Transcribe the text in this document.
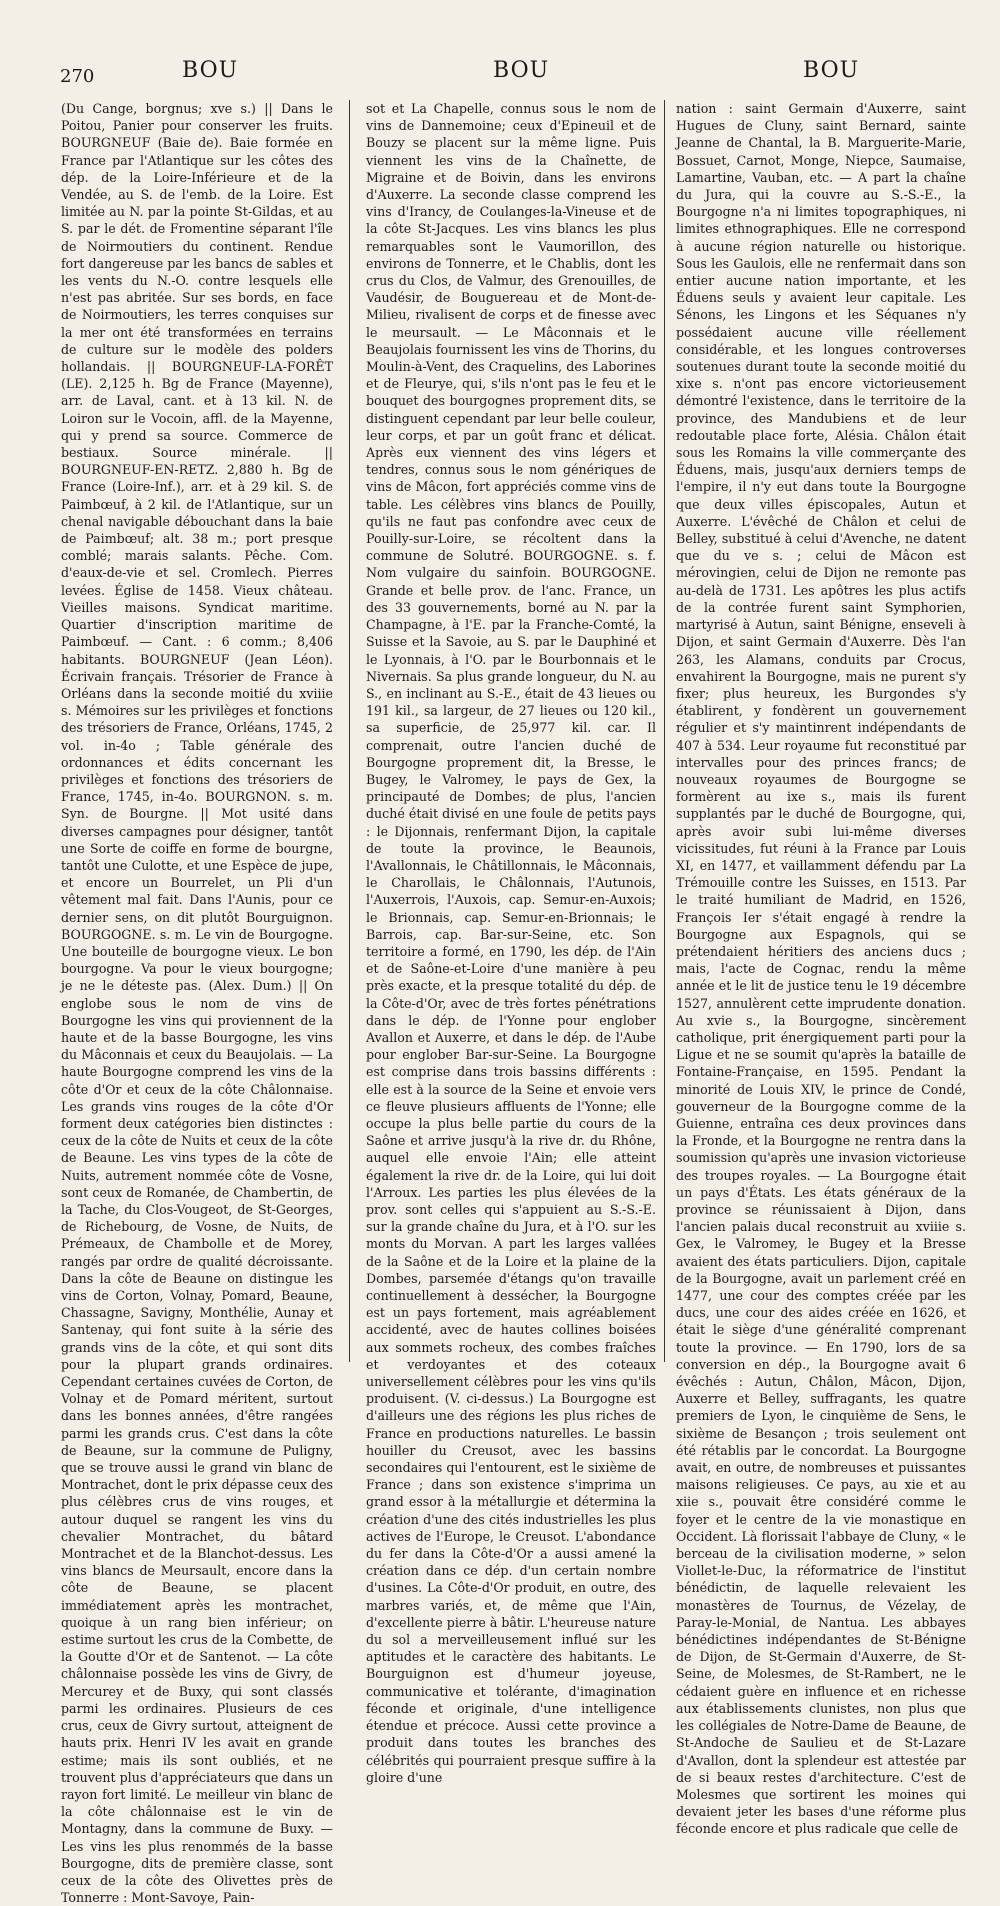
270	BOU	BOU	BOU

(Du Cange, borgnus; xve s.) || Dans le Poitou, Panier pour conserver les fruits. BOURGNEUF (Baie de). Baie formée en France par l'Atlantique sur les côtes des dép. de la Loire-Inférieure et de la Vendée, au S. de l'emb. de la Loire. Est limitée au N. par la pointe St-Gildas, et au S. par le dét. de Fromentine séparant l'île de Noirmoutiers du continent. Rendue fort dangereuse par les bancs de sables et les vents du N.-O. contre lesquels elle n'est pas abritée. Sur ses bords, en face de Noirmoutiers, les terres conquises sur la mer ont été transformées en terrains de culture sur le modèle des polders hollandais. || BOURGNEUF-LA-FORÊT (LE). 2,125 h. Bg de France (Mayenne), arr. de Laval, cant. et à 13 kil. N. de Loiron sur le Vocoin, affl. de la Mayenne, qui y prend sa source. Commerce de bestiaux. Source minérale. || BOURGNEUF-EN-RETZ. 2,880 h. Bg de France (Loire-Inf.), arr. et à 29 kil. S. de Paimbœuf, à 2 kil. de l'Atlantique, sur un chenal navigable débouchant dans la baie de Paimbœuf; alt. 38 m.; port presque comblé; marais salants. Pêche. Com. d'eaux-de-vie et sel. Cromlech. Pierres levées. Église de 1458. Vieux château. Vieilles maisons. Syndicat maritime. Quartier d'inscription maritime de Paimbœuf. — Cant. : 6 comm.; 8,406 habitants. BOURGNEUF (Jean Léon). Écrivain français. Trésorier de France à Orléans dans la seconde moitié du xviiie s. Mémoires sur les privilèges et fonctions des trésoriers de France, Orléans, 1745, 2 vol. in-4o ; Table générale des ordonnances et édits concernant les privilèges et fonctions des trésoriers de France, 1745, in-4o. BOURGNON. s. m. Syn. de Bourgne. || Mot usité dans diverses campagnes pour désigner, tantôt une Sorte de coiffe en forme de bourgne, tantôt une Culotte, et une Espèce de jupe, et encore un Bourrelet, un Pli d'un vêtement mal fait. Dans l'Aunis, pour ce dernier sens, on dit plutôt Bourguignon. BOURGOGNE. s. m. Le vin de Bourgogne. Une bouteille de bourgogne vieux. Le bon bourgogne. Va pour le vieux bourgogne; je ne le déteste pas. (Alex. Dum.) || On englobe sous le nom de vins de Bourgogne les vins qui proviennent de la haute et de la basse Bourgogne, les vins du Mâconnais et ceux du Beaujolais. — La haute Bourgogne comprend les vins de la côte d'Or et ceux de la côte Châlonnaise. Les grands vins rouges de la côte d'Or forment deux catégories bien distinctes : ceux de la côte de Nuits et ceux de la côte de Beaune. Les vins types de la côte de Nuits, autrement nommée côte de Vosne, sont ceux de Romanée, de Chambertin, de la Tache, du Clos-Vougeot, de St-Georges, de Richebourg, de Vosne, de Nuits, de Prémeaux, de Chambolle et de Morey, rangés par ordre de qualité décroissante. Dans la côte de Beaune on distingue les vins de Corton, Volnay, Pomard, Beaune, Chassagne, Savigny, Monthélie, Aunay et Santenay, qui font suite à la série des grands vins de la côte, et qui sont dits pour la plupart grands ordinaires. Cependant certaines cuvées de Corton, de Volnay et de Pomard méritent, surtout dans les bonnes années, d'être rangées parmi les grands crus. C'est dans la côte de Beaune, sur la commune de Puligny, que se trouve aussi le grand vin blanc de Montrachet, dont le prix dépasse ceux des plus célèbres crus de vins rouges, et autour duquel se rangent les vins du chevalier Montrachet, du bâtard Montrachet et de la Blanchot-dessus. Les vins blancs de Meursault, encore dans la côte de Beaune, se placent immédiatement après les montrachet, quoique à un rang bien inférieur; on estime surtout les crus de la Combette, de la Goutte d'Or et de Santenot. — La côte châlonnaise possède les vins de Givry, de Mercurey et de Buxy, qui sont classés parmi les ordinaires. Plusieurs de ces crus, ceux de Givry surtout, atteignent de hauts prix. Henri IV les avait en grande estime; mais ils sont oubliés, et ne trouvent plus d'appréciateurs que dans un rayon fort limité. Le meilleur vin blanc de la côte châlonnaise est le vin de Montagny, dans la commune de Buxy. — Les vins les plus renommés de la basse Bourgogne, dits de première classe, sont ceux de la côte des Olivettes près de Tonnerre : Mont-Savoye, Pain-

sot et La Chapelle, connus sous le nom de vins de Dannemoine; ceux d'Epineuil et de Bouzy se placent sur la même ligne. Puis viennent les vins de la Chaînette, de Migraine et de Boivin, dans les environs d'Auxerre. La seconde classe comprend les vins d'Irancy, de Coulanges-la-Vineuse et de la côte St-Jacques. Les vins blancs les plus remarquables sont le Vaumorillon, des environs de Tonnerre, et le Chablis, dont les crus du Clos, de Valmur, des Grenouilles, de Vaudésir, de Bouguereau et de Mont-de-Milieu, rivalisent de corps et de finesse avec le meursault. — Le Mâconnais et le Beaujolais fournissent les vins de Thorins, du Moulin-à-Vent, des Craquelins, des Laborines et de Fleurye, qui, s'ils n'ont pas le feu et le bouquet des bourgognes proprement dits, se distinguent cependant par leur belle couleur, leur corps, et par un goût franc et délicat. Après eux viennent des vins légers et tendres, connus sous le nom génériques de vins de Mâcon, fort appréciés comme vins de table. Les célèbres vins blancs de Pouilly, qu'ils ne faut pas confondre avec ceux de Pouilly-sur-Loire, se récoltent dans la commune de Solutré. BOURGOGNE. s. f. Nom vulgaire du sainfoin. BOURGOGNE. Grande et belle prov. de l'anc. France, un des 33 gouvernements, borné au N. par la Champagne, à l'E. par la Franche-Comté, la Suisse et la Savoie, au S. par le Dauphiné et le Lyonnais, à l'O. par le Bourbonnais et le Nivernais. Sa plus grande longueur, du N. au S., en inclinant au S.-E., était de 43 lieues ou 191 kil., sa largeur, de 27 lieues ou 120 kil., sa superficie, de 25,977 kil. car. Il comprenait, outre l'ancien duché de Bourgogne proprement dit, la Bresse, le Bugey, le Valromey, le pays de Gex, la principauté de Dombes; de plus, l'ancien duché était divisé en une foule de petits pays : le Dijonnais, renfermant Dijon, la capitale de toute la province, le Beaunois, l'Avallonnais, le Châtillonnais, le Mâconnais, le Charollais, le Châlonnais, l'Autunois, l'Auxerrois, l'Auxois, cap. Semur-en-Auxois; le Brionnais, cap. Semur-en-Brionnais; le Barrois, cap. Bar-sur-Seine, etc. Son territoire a formé, en 1790, les dép. de l'Ain et de Saône-et-Loire d'une manière à peu près exacte, et la presque totalité du dép. de la Côte-d'Or, avec de très fortes pénétrations dans le dép. de l'Yonne pour englober Avallon et Auxerre, et dans le dép. de l'Aube pour englober Bar-sur-Seine. La Bourgogne est comprise dans trois bassins différents : elle est à la source de la Seine et envoie vers ce fleuve plusieurs affluents de l'Yonne; elle occupe la plus belle partie du cours de la Saône et arrive jusqu'à la rive dr. du Rhône, auquel elle envoie l'Ain; elle atteint également la rive dr. de la Loire, qui lui doit l'Arroux. Les parties les plus élevées de la prov. sont celles qui s'appuient au S.-S.-E. sur la grande chaîne du Jura, et à l'O. sur les monts du Morvan. A part les larges vallées de la Saône et de la Loire et la plaine de la Dombes, parsemée d'étangs qu'on travaille continuellement à dessécher, la Bourgogne est un pays fortement, mais agréablement accidenté, avec de hautes collines boisées aux sommets rocheux, des combes fraîches et verdoyantes et des coteaux universellement célèbres pour les vins qu'ils produisent. (V. ci-dessus.) La Bourgogne est d'ailleurs une des régions les plus riches de France en productions naturelles. Le bassin houiller du Creusot, avec les bassins secondaires qui l'entourent, est le sixième de France ; dans son existence s'imprima un grand essor à la métallurgie et détermina la création d'une des cités industrielles les plus actives de l'Europe, le Creusot. L'abondance du fer dans la Côte-d'Or a aussi amené la création dans ce dép. d'un certain nombre d'usines. La Côte-d'Or produit, en outre, des marbres variés, et, de même que l'Ain, d'excellente pierre à bâtir. L'heureuse nature du sol a merveilleusement influé sur les aptitudes et le caractère des habitants. Le Bourguignon est d'humeur joyeuse, communicative et tolérante, d'imagination féconde et originale, d'une intelligence étendue et précoce. Aussi cette province a produit dans toutes les branches des célébrités qui pourraient presque suffire à la gloire d'une

nation : saint Germain d'Auxerre, saint Hugues de Cluny, saint Bernard, sainte Jeanne de Chantal, la B. Marguerite-Marie, Bossuet, Carnot, Monge, Niepce, Saumaise, Lamartine, Vauban, etc. — A part la chaîne du Jura, qui la couvre au S.-S.-E., la Bourgogne n'a ni limites topographiques, ni limites ethnographiques. Elle ne correspond à aucune région naturelle ou historique. Sous les Gaulois, elle ne renfermait dans son entier aucune nation importante, et les Éduens seuls y avaient leur capitale. Les Sénons, les Lingons et les Séquanes n'y possédaient aucune ville réellement considérable, et les longues controverses soutenues durant toute la seconde moitié du xixe s. n'ont pas encore victorieusement démontré l'existence, dans le territoire de la province, des Mandubiens et de leur redoutable place forte, Alésia. Châlon était sous les Romains la ville commerçante des Éduens, mais, jusqu'aux derniers temps de l'empire, il n'y eut dans toute la Bourgogne que deux villes épiscopales, Autun et Auxerre. L'évêché de Châlon et celui de Belley, substitué à celui d'Avenche, ne datent que du ve s. ; celui de Mâcon est mérovingien, celui de Dijon ne remonte pas au-delà de 1731. Les apôtres les plus actifs de la contrée furent saint Symphorien, martyrisé à Autun, saint Bénigne, enseveli à Dijon, et saint Germain d'Auxerre. Dès l'an 263, les Alamans, conduits par Crocus, envahirent la Bourgogne, mais ne purent s'y fixer; plus heureux, les Burgondes s'y établirent, y fondèrent un gouvernement régulier et s'y maintinrent indépendants de 407 à 534. Leur royaume fut reconstitué par intervalles pour des princes francs; de nouveaux royaumes de Bourgogne se formèrent au ixe s., mais ils furent supplantés par le duché de Bourgogne, qui, après avoir subi lui-même diverses vicissitudes, fut réuni à la France par Louis XI, en 1477, et vaillamment défendu par La Trémouille contre les Suisses, en 1513. Par le traité humiliant de Madrid, en 1526, François Ier s'était engagé à rendre la Bourgogne aux Espagnols, qui se prétendaient héritiers des anciens ducs ; mais, l'acte de Cognac, rendu la même année et le lit de justice tenu le 19 décembre 1527, annulèrent cette imprudente donation. Au xvie s., la Bourgogne, sincèrement catholique, prit énergiquement parti pour la Ligue et ne se soumit qu'après la bataille de Fontaine-Française, en 1595. Pendant la minorité de Louis XIV, le prince de Condé, gouverneur de la Bourgogne comme de la Guienne, entraîna ces deux provinces dans la Fronde, et la Bourgogne ne rentra dans la soumission qu'après une invasion victorieuse des troupes royales. — La Bourgogne était un pays d'États. Les états généraux de la province se réunissaient à Dijon, dans l'ancien palais ducal reconstruit au xviiie s. Gex, le Valromey, le Bugey et la Bresse avaient des états particuliers. Dijon, capitale de la Bourgogne, avait un parlement créé en 1477, une cour des comptes créée par les ducs, une cour des aides créée en 1626, et était le siège d'une généralité comprenant toute la province. — En 1790, lors de sa conversion en dép., la Bourgogne avait 6 évêchés : Autun, Châlon, Mâcon, Dijon, Auxerre et Belley, suffragants, les quatre premiers de Lyon, le cinquième de Sens, le sixième de Besançon ; trois seulement ont été rétablis par le concordat. La Bourgogne avait, en outre, de nombreuses et puissantes maisons religieuses. Ce pays, au xie et au xiie s., pouvait être considéré comme le foyer et le centre de la vie monastique en Occident. Là florissait l'abbaye de Cluny, « le berceau de la civilisation moderne, » selon Viollet-le-Duc, la réformatrice de l'institut bénédictin, de laquelle relevaient les monastères de Tournus, de Vézelay, de Paray-le-Monial, de Nantua. Les abbayes bénédictines indépendantes de St-Bénigne de Dijon, de St-Germain d'Auxerre, de St-Seine, de Molesmes, de St-Rambert, ne le cédaient guère en influence et en richesse aux établissements clunistes, non plus que les collégiales de Notre-Dame de Beaune, de St-Andoche de Saulieu et de St-Lazare d'Avallon, dont la splendeur est attestée par de si beaux restes d'architecture. C'est de Molesmes que sortirent les moines qui devaient jeter les bases d'une réforme plus féconde encore et plus radicale que celle de
